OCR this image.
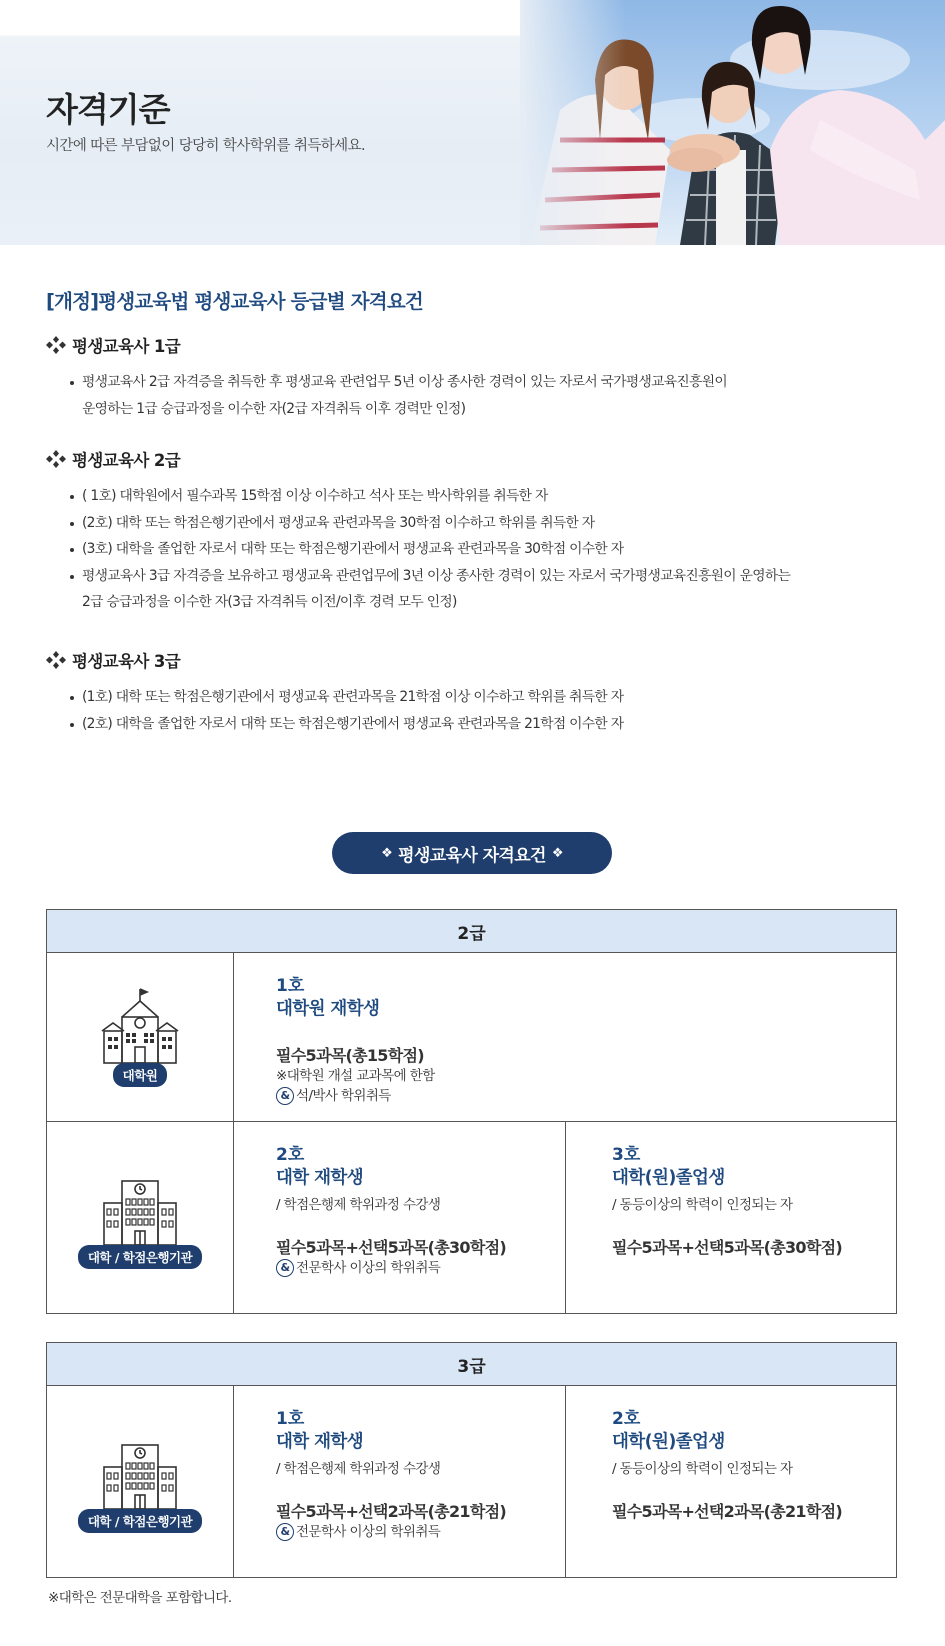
자격기준
시간에 따른 부담없이 당당히 학사학위를 취득하세요.
[개정]평생교육법 평생교육사 등급별 자격요건
평생교육사 1급
평생교육사 2급 자격증을 취득한 후 평생교육 관련업무 5년 이상 종사한 경력이 있는 자로서 국가평생교육진흥원이
운영하는 1급 승급과정을 이수한 자(2급 자격취득 이후 경력만 인정)
평생교육사 2급
( 1호) 대학원에서 필수과목 15학점 이상 이수하고 석사 또는 박사학위를 취득한 자
(2호) 대학 또는 학점은행기관에서 평생교육 관련과목을 30학점 이수하고 학위를 취득한 자
(3호) 대학을 졸업한 자로서 대학 또는 학점은행기관에서 평생교육 관련과목을 30학점 이수한 자
평생교육사 3급 자격증을 보유하고 평생교육 관련업무에 3년 이상 종사한 경력이 있는 자로서 국가평생교육진흥원이 운영하는
2급 승급과정을 이수한 자(3급 자격취득 이전/이후 경력 모두 인정)
평생교육사 3급
(1호) 대학 또는 학점은행기관에서 평생교육 관련과목을 21학점 이상 이수하고 학위를 취득한 자
(2호) 대학을 졸업한 자로서 대학 또는 학점은행기관에서 평생교육 관련과목을 21학점 이수한 자
❖ 평생교육사 자격요건 ❖
2급
대학원
1호
대학원 재학생
필수5과목(총15학점)
※대학원 개설 교과목에 한함
& 석/박사 학위취득
대학 / 학점은행기관
2호
대학 재학생
/ 학점은행제 학위과정 수강생
필수5과목+선택5과목(총30학점)
& 전문학사 이상의 학위취득
3호
대학(원)졸업생
/ 동등이상의 학력이 인정되는 자
필수5과목+선택5과목(총30학점)
3급
대학 / 학점은행기관
1호
대학 재학생
/ 학점은행제 학위과정 수강생
필수5과목+선택2과목(총21학점)
& 전문학사 이상의 학위취득
2호
대학(원)졸업생
/ 동등이상의 학력이 인정되는 자
필수5과목+선택2과목(총21학점)
※대학은 전문대학을 포함합니다.
